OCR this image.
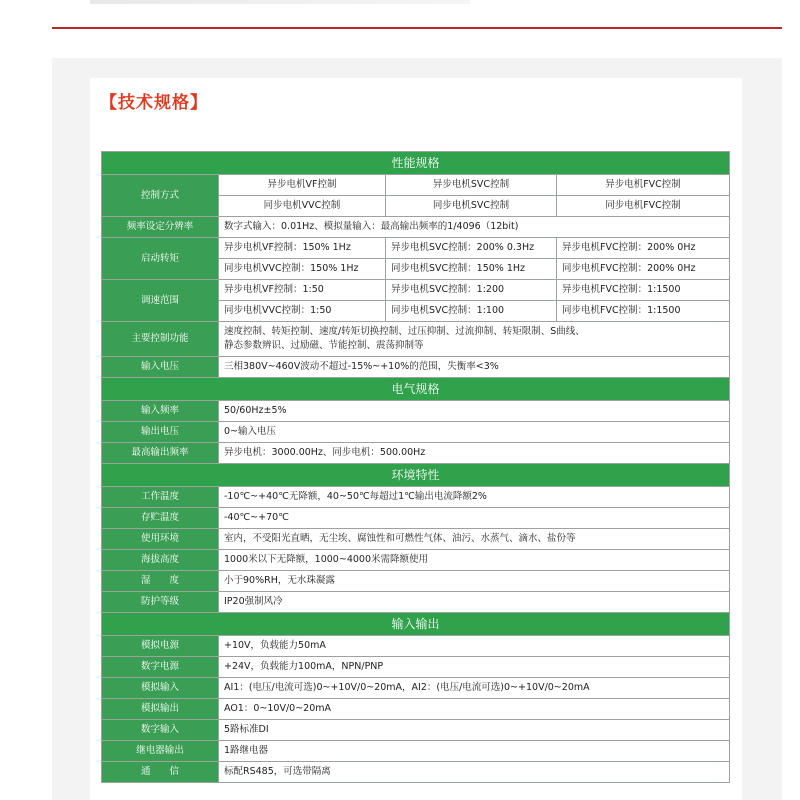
【技术规格】
性能规格			
控制方式	异步电机VF控制	异步电机SVC控制	异步电机FVC控制
	同步电机VVC控制	同步电机SVC控制	同步电机FVC控制
频率设定分辨率	数字式输入：0.01Hz、模拟量输入：最高输出频率的1/4096（12bit)		
启动转矩	异步电机VF控制：150% 1Hz	异步电机SVC控制：200% 0.3Hz	异步电机FVC控制：200% 0Hz
	同步电机VVC控制：150% 1Hz	同步电机SVC控制：150% 1Hz	同步电机FVC控制：200% 0Hz
调速范围	异步电机VF控制：1:50	异步电机SVC控制：1:200	异步电机FVC控制：1:1500
	同步电机VVC控制：1:50	同步电机SVC控制：1:100	同步电机FVC控制：1:1500
主要控制功能	速度控制、转矩控制、速度/转矩切换控制、过压抑制、过流抑制、转矩限制、S曲线、
静态参数辨识、过励磁、节能控制、震荡抑制等		

输入电压	三相380V~460V波动不超过-15%~+10%的范围，失衡率<3%		
电气规格			
输入频率	50/60Hz±5%		
输出电压	0~输入电压		
最高输出频率	异步电机：3000.00Hz、同步电机：500.00Hz		
环境特性			
工作温度	-10℃~+40℃无降额，40~50℃每超过1℃输出电流降额2%		
存贮温度	-40℃~+70℃		
使用环境	室内，不受阳光直晒，无尘埃、腐蚀性和可燃性气体、油污、水蒸气、滴水、盐份等		
海拔高度	1000米以下无降额，1000~4000米需降额使用		
湿　　度	小于90%RH，无水珠凝露		
防护等级	IP20强制风冷		
输入输出			
模拟电源	+10V，负载能力50mA		
数字电源	+24V，负载能力100mA，NPN/PNP		
模拟输入	AI1：(电压/电流可选)0~+10V/0~20mA，AI2：(电压/电流可选)0~+10V/0~20mA		
模拟输出	AO1：0~10V/0~20mA		
数字输入	5路标准DI		
继电器输出	1路继电器		
通　　信	标配RS485，可选带隔离		
